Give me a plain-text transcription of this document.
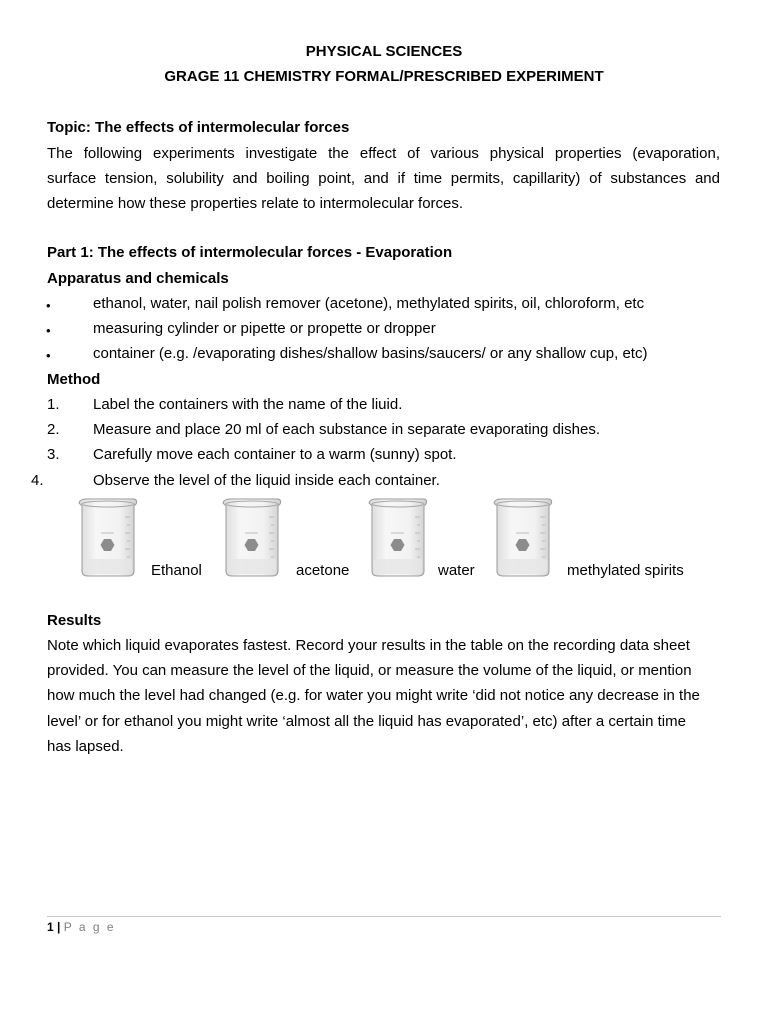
PHYSICAL SCIENCES
GRAGE 11 CHEMISTRY FORMAL/PRESCRIBED EXPERIMENT
Topic: The effects of intermolecular forces
The following experiments investigate the effect of various physical properties (evaporation,
surface tension, solubility and boiling point, and if time permits, capillarity) of substances and
determine how these properties relate to intermolecular forces.
Part 1: The effects of intermolecular forces - Evaporation
Apparatus and chemicals
•	ethanol, water, nail polish remover (acetone), methylated spirits, oil, chloroform, etc
•	measuring cylinder or pipette or propette or dropper
•	container (e.g. /evaporating dishes/shallow basins/saucers/ or any shallow cup, etc)
Method
1. Label the containers with the name of the liuid.
2. Measure and place 20 ml of each substance in separate evaporating dishes.
3. Carefully move each container to a warm (sunny) spot.
4.	Observe the level of the liquid inside each container.
Ethanol	acetone	water	methylated spirits
Results
Note which liquid evaporates fastest. Record your results in the table on the recording data sheet
provided. You can measure the level of the liquid, or measure the volume of the liquid, or mention
how much the level had changed (e.g. for water you might write ‘did not notice any decrease in the
level’ or for ethanol you might write ‘almost all the liquid has evaporated’, etc) after a certain time
has lapsed.
1 | P a g e
